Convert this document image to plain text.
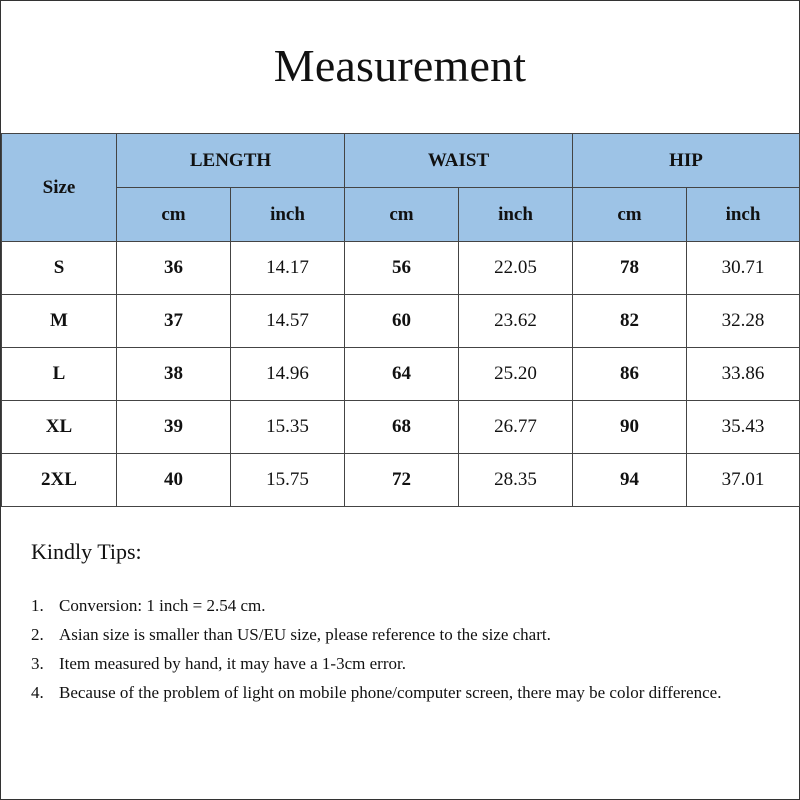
Measurement
Size	LENGTH		WAIST		HIP	
	cm	inch	cm	inch	cm	inch
S	36	14.17	56	22.05	78	30.71
M	37	14.57	60	23.62	82	32.28
L	38	14.96	64	25.20	86	33.86
XL	39	15.35	68	26.77	90	35.43
2XL	40	15.75	72	28.35	94	37.01
Kindly Tips:
1. Conversion: 1 inch = 2.54 cm.
2. Asian size is smaller than US/EU size, please reference to the size chart.
3. Item measured by hand, it may have a 1-3cm error.
4. Because of the problem of light on mobile phone/computer screen, there may be color difference.
